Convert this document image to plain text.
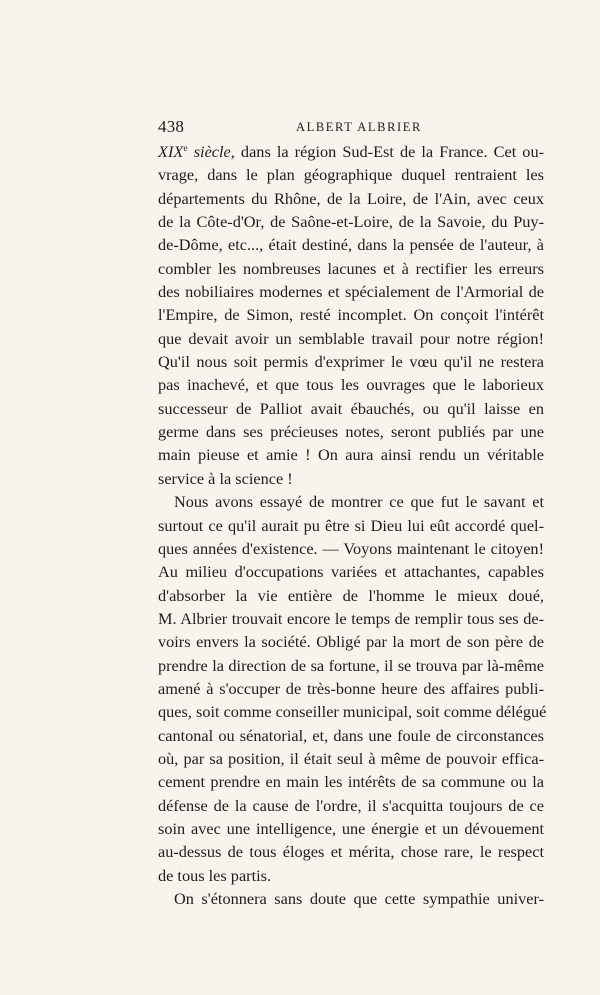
438	ALBERT ALBRIER
XIXe siècle, dans la région Sud-Est de la France. Cet ou-
vrage, dans le plan géographique duquel rentraient les
départements du Rhône, de la Loire, de l'Ain, avec ceux
de la Côte-d'Or, de Saône-et-Loire, de la Savoie, du Puy-
de-Dôme, etc..., était destiné, dans la pensée de l'auteur, à
combler les nombreuses lacunes et à rectifier les erreurs
des nobiliaires modernes et spécialement de l'Armorial de
l'Empire, de Simon, resté incomplet. On conçoit l'intérêt
que devait avoir un semblable travail pour notre région!
Qu'il nous soit permis d'exprimer le vœu qu'il ne restera
pas inachevé, et que tous les ouvrages que le laborieux
successeur de Palliot avait ébauchés, ou qu'il laisse en
germe dans ses précieuses notes, seront publiés par une
main pieuse et amie ! On aura ainsi rendu un véritable
service à la science !
Nous avons essayé de montrer ce que fut le savant et
surtout ce qu'il aurait pu être si Dieu lui eût accordé quel-
ques années d'existence. — Voyons maintenant le citoyen!
Au milieu d'occupations variées et attachantes, capables
d'absorber la vie entière de l'homme le mieux doué,
M. Albrier trouvait encore le temps de remplir tous ses de-
voirs envers la société. Obligé par la mort de son père de
prendre la direction de sa fortune, il se trouva par là-même
amené à s'occuper de très-bonne heure des affaires publi-
ques, soit comme conseiller municipal, soit comme délégué
cantonal ou sénatorial, et, dans une foule de circonstances
où, par sa position, il était seul à même de pouvoir effica-
cement prendre en main les intérêts de sa commune ou la
défense de la cause de l'ordre, il s'acquitta toujours de ce
soin avec une intelligence, une énergie et un dévouement
au-dessus de tous éloges et mérita, chose rare, le respect
de tous les partis.
On s'étonnera sans doute que cette sympathie univer-
